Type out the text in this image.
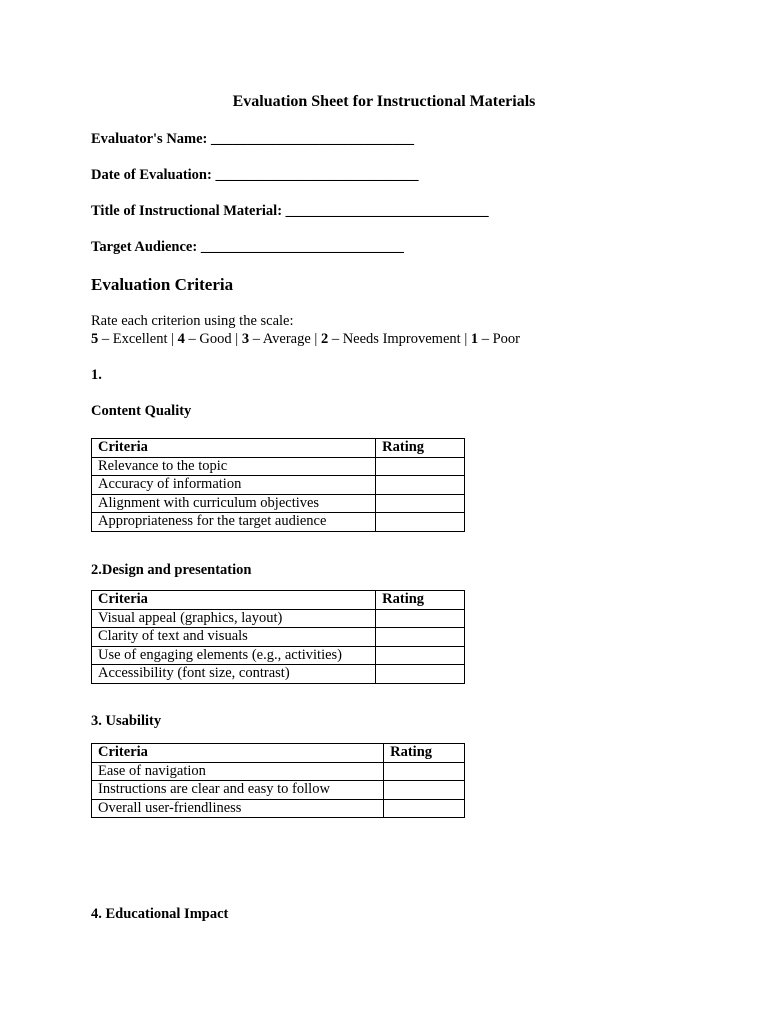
Evaluation Sheet for Instructional Materials
Evaluator's Name: ____________________________
Date of Evaluation: ____________________________
Title of Instructional Material: ____________________________
Target Audience: ____________________________
Evaluation Criteria
Rate each criterion using the scale:
5 – Excellent | 4 – Good | 3 – Average | 2 – Needs Improvement | 1 – Poor
1.
Content Quality
Criteria	Rating
Relevance to the topic	
Accuracy of information	
Alignment with curriculum objectives	
Appropriateness for the target audience	
2.Design and presentation
Criteria	Rating
Visual appeal (graphics, layout)	
Clarity of text and visuals	
Use of engaging elements (e.g., activities)	
Accessibility (font size, contrast)	
3. Usability
Criteria	Rating
Ease of navigation	
Instructions are clear and easy to follow	
Overall user-friendliness	
4. Educational Impact
